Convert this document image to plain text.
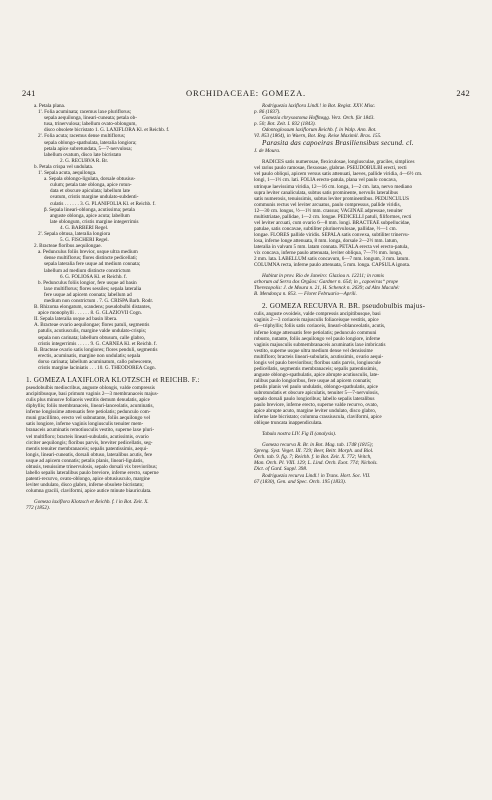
241	ORCHIDACEAE: GOMEZA.	242
a. Petala plana.
1'. Folia acuminata; racemus laxe pluriflorus;
sepala aequilonga, lineari-cuneata; petala ob-
tusa, trinervulosa; labellum ovato-oblongum,
disco obsolete bicristato 1. G. LAXIFLORA Kl. et Reichb. f.
2'. Folia acuta; racemus dense multiflorus;
sepala oblongo-spathulata, lateralia longiora;
petala apice subretundata, 5—7-nervulosa;
labellum ovatum, disco late bicristato
2. G. RECURVA R. Br.
b. Petala crispa vel undulata.
1'. Sepala acuta, aequilonga.
a. Sepala oblongo-ligulata, dorsale obtusius-
culum; petala tate oblonga, apice rotun-
data et obscure apiculata; labellum late
ovatum, cristis margine undulato-subdenti-
culatis . . . . . . 3. G. PLANIFOLIA Kl. et Reichb. f.
β. Sepala lineari-oblonga, acutissima; petala
anguste oblonga, apice acuta; labellum
late oblongum, cristis margine integerrimis
4. G. BARBERI Regel.
2'. Sepala obtusa, lateralia longiora
5. G. FISCHERI Regel.
2. Bracteae floribus aequilongae.
a. Pedunculus foliis brevior, usque ultra medium
dense multiflorus; flores distincte pedicellati;
sepala lateralia fere usque ad medium connata;
labellum ad medium distincte constrictum
6. G. FOLIOSA Kl. et Reichb. f.
b. Pedunculus foliis longior, fere usque ad basin
laxe multiflorus; flores sessiles; sepala lateralia
fere usque ad apicem coonata; labellum ad
medium non constrictum . 7. G. CRISPA Barb. Rodr.
B. Rhizoma elongatum, scandens; pseudobulbi distantes,
apice monophylli . . . . . . 8. G. GLAZIOVII Cogn.
II. Sepala lateralia usque ad basin libera.
A. Bracteae ovario aequilongae; flores patuli, segmentis
patulis, acutiusculis, margine valde undulato-crispis;
sepala non carinata; labellum obtusum, calle glabro,
cristis integerrimis . . . . . 9. G. CARNEA Kl. et Reichb. f.
B. Bracteae ovario satis longiores; flores penduli, segmentis
erectis, acuminatis, margine non undulatis; sepala
dorso carinata; labellum acuminatum, callo pubescente,
cristis margine laciniatis . . . 10. G. THEODOREA Cogn.
1. GOMEZA LAXIFLORA KLOTZSCH et REICHB. F.:
pseudobulbis mediocribus, anguste oblongis, valde compressis
ancipitibusque, basi primum vaginis 2—3 membranaceis majus-
culis plus minusve foliaceis vestitis demum denudatis, apice
diphyllis; foliis membranaceis, lineari-lanceolatis, acuminatis,
inferne longissime attenuatis fere petiolatis; pedunculo com-
muni gracillimo, erecto vel subnutante, foliis aequilongo vel
satis longiore, inferne vaginis longiusculis tenuiter mem-
branaceis acuminatis remotiusculis vestito, superne laxe pluri-
vel multifloro; bracteis lineari-subulatis, acutissimis, ovario
circiter aequilongis; floribus parvis, breviter pedicellatis, seg-
mentis tenuiter membranaceis; sepalis patentissimis, aequi-
longis, lineari-cuneatis, dorsali obtuso, lateralibus acutis, fere
usque ad apicem connatis; petalis planis, lineari-ligulatis,
obtusis, tenuissime trinervulosis, sepalo dorsali vix brevioribus;
labello sepalis lateralibus paulo breviore, inferne erecto, superne
patenti-recurvo, ovato-oblongo, apice obtusiusculo, margine
leviter undulato, disco glabro, inferne obsolete bicristato;
columna gracili, claviformi, apice autice minute biauriculata.
Gomeza laxiflora Klotzsch et Reichb. f. l in Bot. Zeit. X.
772 (1852).
Rodriguezia laxiflora Lindl.! in Bot. Regist. XXV. Misc.
p. 86 (1837).
Gomezia chrysostoma Hoffmsgg. Verz. Orch. für 1843.
p. 50; Bot. Zeit. I. 832 (1843).
Odontoglossum laxiflorum Reichb. f. in Walp. Ann. Bot.
VI. 853 (1864), in Waern, Bot. Reg. Reise Maximil. Bras. 155.
Parasita das capoeiras Brasiliensibus secund. cl.
J. de Moura.
RADICES satis numerosae, flexiculosae, longiusculae, graciles, simplices
vel rarius paulo ramosae, flexuosae, glabrae. PSEUDOBULBI erecti, recti
vel paulo obliqui, apicem versus satis attenuati, laeves, pallide viridia, 4—6½ cm.
longi, 1—1½ cm. lati. FOLIA erecto-patula, plana vel paulo concava,
utrinque laevissima viridia, 12—16 cm. longa, 1—2 cm. lata, nervo mediano
supra leviter canaliculata, subtus satis prominente, nervulis lateralibus
satis numerosis, tenuissimis, subtus leviter prominentibus. PEDUNCULUS
communis rectus vel leviter arcuatus, paulo compressus, pallide viridis,
12—30 cm. longus, ½—1½ mm. crassus; VAGINAE adpressae, tenuiter
multistriatae, pallidae, 1—2 cm. longae. PEDICELLI patuli, filiformes, recti
vel leviter arcuati, cum ovario 6—8 mm. longi. BRACTEAE subpellucidae,
patulae, satis concavae, subtiliter plurinervulosae, pallidae, ½—1 cm.
longae. FLORES pallide viridis. SEPALA satis convexa, subtiliter trinervu-
losa, inferne longe attenuata, 8 mm. longa, dorsale 2—2½ mm. latum,
lateralia in valvam 5 mm. latam connata. PETALA erecta vel erecto-patula,
vix concava, inferne paulo attenuata, leviter obliqua, 7—7½ mm. longa,
2 mm. lata. LABELLUM satis concavum, 6—7 mm. longum, 3 mm. latum.
COLUMNA recta, inferne paulo attenuata, 5 mm. longa. CAPSULA ignota.
Habitat in prov. Rio de Janeiro: Glaziou n. 12211; in ramis
arborum ad Serra dos Orgãos: Gardner n. 654; in „capoeiras“ prope
Therezopolis: J. de Moura n. 21, H. Schenck n. 2639; ad Alto Macahé:
B. Mendonça n. 853. — Floret Februario—Aprili.
2. GOMEZA RECURVA R. BR. pseudobulbis majus-
culis, anguste ovoideis, valde compressis ancipitibusque, basi
vaginis 2—3 coriaceis majusculis foliaceisque vestitis, apice
di—triphyllis; foliis satis coriaceis, lineari-oblanceolatis, acutis,
inferne longe attenuatis fere petiolatis; pedunculo communi
robusto, nutante, foliis aequilongo vel paulo longiore, inferne
vaginis majusculis submembranaceis acuminatis laxe imbricatis
vestito, superne usque ultra medium dense vel densissime
multifloro; bracteis lineari-subulatis, acutissimis, ovario aequi-
longis vel paulo brevioribus; floribus satis parvis, longiuscule
pedicellatis, segmentis membranaceis; sepalis patentissimis,
anguste oblongo-spathulatis, apice abrupte acutiusculis, late-
ralibus paulo longioribus, fere usque ad apicem connatis;
petalis planis vel paulo undulatis, oblongo-spathulatis, apice
subrotundatis et obscure apiculatis, tenuiter 5—7-nervulosis,
sepalo dorsali paulo longioribus; labello sepalis lateralibus
paulo breviore, inferne erecto, superne valde recurvo, ovato,
apice abrupte acuto, margine leviter undulato, disco glabro,
inferne late bicristato; columna crassiuscula, claviformi, apice
oblique truncata inappendiculata.
Tabula nostra LIV. Fig II (analysis).
Gomeza recurva R. Br. in Bot. Mag. tab. 1748 (1815);
Spreng. Syst. Veget. III. 729; Beer, Beitr. Morph. und Biol.
Orch. tab. 9. fig. 7; Reichb. f. in Bot. Zeit. X. 772; Veitch,
Man. Orch. Pl. VIII. 129; L. Lind. Orch. Exot. 774; Nichols.
Dict. of Gard. Suppl. 398.
Rodriguezia recurva Lindl.! in Trans. Hort. Soc. VII.
67 (1830), Gen. and Spec. Orch. 195 (1833).
